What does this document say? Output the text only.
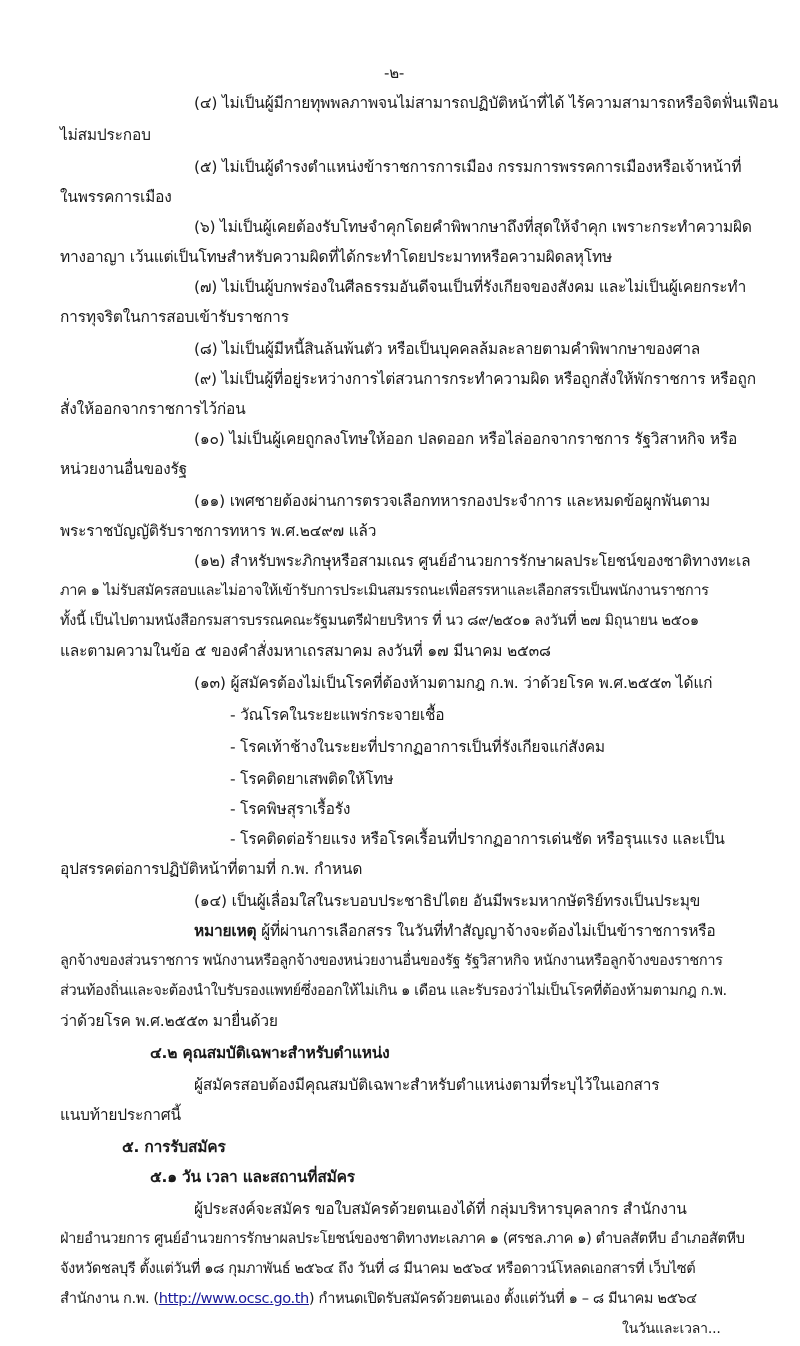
-๒-
(๔) ไม่เป็นผู้มีกายทุพพลภาพจนไม่สามารถปฏิบัติหน้าที่ได้ ไร้ความสามารถหรือจิตฟั่นเฟือน
ไม่สมประกอบ
(๕) ไม่เป็นผู้ดำรงตำแหน่งข้าราชการการเมือง กรรมการพรรคการเมืองหรือเจ้าหน้าที่
ในพรรคการเมือง
(๖) ไม่เป็นผู้เคยต้องรับโทษจำคุกโดยคำพิพากษาถึงที่สุดให้จำคุก เพราะกระทำความผิด
ทางอาญา เว้นแต่เป็นโทษสำหรับความผิดที่ได้กระทำโดยประมาทหรือความผิดลหุโทษ
(๗) ไม่เป็นผู้บกพร่องในศีลธรรมอันดีจนเป็นที่รังเกียจของสังคม และไม่เป็นผู้เคยกระทำ
การทุจริตในการสอบเข้ารับราชการ
(๘) ไม่เป็นผู้มีหนี้สินล้นพ้นตัว หรือเป็นบุคคลล้มละลายตามคำพิพากษาของศาล
(๙) ไม่เป็นผู้ที่อยู่ระหว่างการไต่สวนการกระทำความผิด หรือถูกสั่งให้พักราชการ หรือถูก
สั่งให้ออกจากราชการไว้ก่อน
(๑๐) ไม่เป็นผู้เคยถูกลงโทษให้ออก ปลดออก หรือไล่ออกจากราชการ รัฐวิสาหกิจ หรือ
หน่วยงานอื่นของรัฐ
(๑๑) เพศชายต้องผ่านการตรวจเลือกทหารกองประจำการ และหมดข้อผูกพันตาม
พระราชบัญญัติรับราชการทหาร พ.ศ.๒๔๙๗ แล้ว
(๑๒) สำหรับพระภิกษุหรือสามเณร ศูนย์อำนวยการรักษาผลประโยชน์ของชาติทางทะเล
ภาค ๑ ไม่รับสมัครสอบและไม่อาจให้เข้ารับการประเมินสมรรถนะเพื่อสรรหาและเลือกสรรเป็นพนักงานราชการ
ทั้งนี้ เป็นไปตามหนังสือกรมสารบรรณคณะรัฐมนตรีฝ่ายบริหาร ที่ นว ๘๙/๒๕๐๑ ลงวันที่ ๒๗ มิถุนายน ๒๕๐๑
และตามความในข้อ ๕ ของคำสั่งมหาเถรสมาคม ลงวันที่ ๑๗ มีนาคม ๒๕๓๘
(๑๓) ผู้สมัครต้องไม่เป็นโรคที่ต้องห้ามตามกฎ ก.พ. ว่าด้วยโรค พ.ศ.๒๕๕๓ ได้แก่
- วัณโรคในระยะแพร่กระจายเชื้อ
- โรคเท้าช้างในระยะที่ปรากฏอาการเป็นที่รังเกียจแก่สังคม
- โรคติดยาเสพติดให้โทษ
- โรคพิษสุราเรื้อรัง
- โรคติดต่อร้ายแรง หรือโรคเรื้อนที่ปรากฏอาการเด่นชัด หรือรุนแรง และเป็น
อุปสรรคต่อการปฏิบัติหน้าที่ตามที่ ก.พ. กำหนด
(๑๔) เป็นผู้เลื่อมใสในระบอบประชาธิปไตย อันมีพระมหากษัตริย์ทรงเป็นประมุข
หมายเหตุ ผู้ที่ผ่านการเลือกสรร ในวันที่ทำสัญญาจ้างจะต้องไม่เป็นข้าราชการหรือ
ลูกจ้างของส่วนราชการ พนักงานหรือลูกจ้างของหน่วยงานอื่นของรัฐ รัฐวิสาหกิจ หนักงานหรือลูกจ้างของราชการ
ส่วนท้องถิ่นและจะต้องนำใบรับรองแพทย์ซึ่งออกให้ไม่เกิน ๑ เดือน และรับรองว่าไม่เป็นโรคที่ต้องห้ามตามกฎ ก.พ.
ว่าด้วยโรค พ.ศ.๒๕๕๓ มายื่นด้วย
๔.๒ คุณสมบัติเฉพาะสำหรับตำแหน่ง
ผู้สมัครสอบต้องมีคุณสมบัติเฉพาะสำหรับตำแหน่งตามที่ระบุไว้ในเอกสาร
แนบท้ายประกาศนี้
๕. การรับสมัคร
๕.๑ วัน เวลา และสถานที่สมัคร
ผู้ประสงค์จะสมัคร ขอใบสมัครด้วยตนเองได้ที่ กลุ่มบริหารบุคลากร สำนักงาน
ฝ่ายอำนวยการ ศูนย์อำนวยการรักษาผลประโยชน์ของชาติทางทะเลภาค ๑ (ศรชล.ภาค ๑) ตำบลสัตหีบ อำเภอสัตหีบ
จังหวัดชลบุรี ตั้งแต่วันที่ ๑๘ กุมภาพันธ์ ๒๕๖๔ ถึง วันที่ ๘ มีนาคม ๒๕๖๔ หรือดาวน์โหลดเอกสารที่ เว็บไซต์
สำนักงาน ก.พ. (http://www.ocsc.go.th) กำหนดเปิดรับสมัครด้วยตนเอง ตั้งแต่วันที่ ๑ – ๘ มีนาคม ๒๕๖๔
ในวันและเวลา...
